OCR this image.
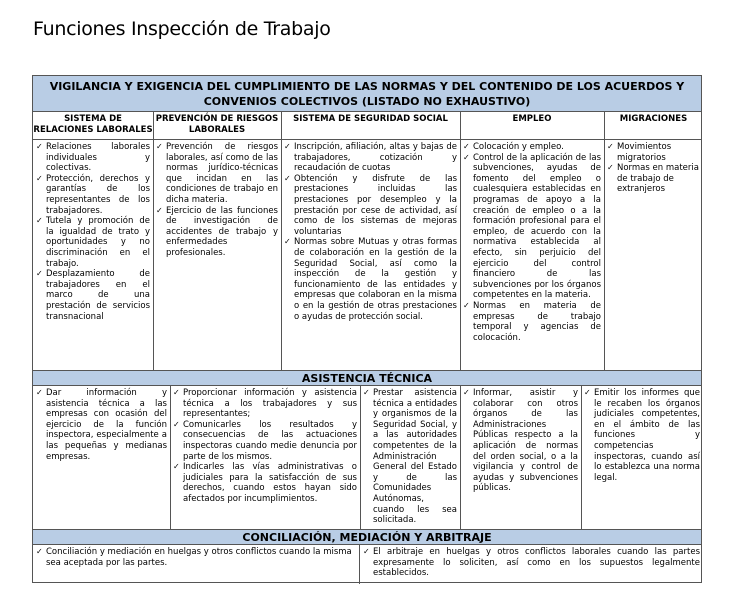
Funciones Inspección de Trabajo
VIGILANCIA Y EXIGENCIA DEL CUMPLIMIENTO DE LAS NORMAS Y DEL CONTENIDO DE LOS ACUERDOS Y CONVENIOS COLECTIVOS (LISTADO NO EXHAUSTIVO)
SISTEMA DE RELACIONES LABORALES
PREVENCIÓN DE RIESGOS LABORALES
SISTEMA DE SEGURIDAD SOCIAL	EMPLEO	MIGRACIONES
✓ Relaciones laborales individuales y colectivas.
✓ Protección, derechos y garantías de los representantes de los trabajadores.
✓ Tutela y promoción de la igualdad de trato y oportunidades y no discriminación en el trabajo.
✓ Desplazamiento de trabajadores en el marco de una prestación de servicios transnacional
✓ Prevención de riesgos laborales, así como de las normas jurídico-técnicas que incidan en las condiciones de trabajo en dicha materia.
✓ Ejercicio de las funciones de investigación de accidentes de trabajo y enfermedades profesionales.
✓ Inscripción, afiliación, altas y bajas de trabajadores, cotización y recaudación de cuotas
✓ Obtención y disfrute de las prestaciones incluidas las prestaciones por desempleo y la prestación por cese de actividad, así como de los sistemas de mejoras voluntarias
✓ Normas sobre Mutuas y otras formas de colaboración en la gestión de la Seguridad Social, así como la inspección de la gestión y funcionamiento de las entidades y empresas que colaboran en la misma o en la gestión de otras prestaciones o ayudas de protección social.
✓ Colocación y empleo.
✓ Control de la aplicación de las subvenciones, ayudas de fomento del empleo o cualesquiera establecidas en programas de apoyo a la creación de empleo o a la formación profesional para el empleo, de acuerdo con la normativa establecida al efecto, sin perjuicio del ejercicio del control financiero de las subvenciones por los órganos competentes en la materia.
✓ Normas en materia de empresas de trabajo temporal y agencias de colocación.
✓ Movimientos migratorios
✓ Normas en materia de trabajo de extranjeros
ASISTENCIA TÉCNICA
✓ Dar información y asistencia técnica a las empresas con ocasión del ejercicio de la función inspectora, especialmente a las pequeñas y medianas empresas.
✓ Proporcionar información y asistencia técnica a los trabajadores y sus representantes;
✓ Comunicarles los resultados y consecuencias de las actuaciones inspectoras cuando medie denuncia por parte de los mismos.
✓ Indicarles las vías administrativas o judiciales para la satisfacción de sus derechos, cuando estos hayan sido afectados por incumplimientos.
✓ Prestar asistencia técnica a entidades y organismos de la Seguridad Social, y a las autoridades competentes de la Administración General del Estado y de las Comunidades Autónomas, cuando les sea solicitada.
✓ Informar, asistir y colaborar con otros órganos de las Administraciones Públicas respecto a la aplicación de normas del orden social, o a la vigilancia y control de ayudas y subvenciones públicas.
✓ Emitir los informes que le recaben los órganos judiciales competentes, en el ámbito de las funciones y competencias inspectoras, cuando así lo establezca una norma legal.
CONCILIACIÓN, MEDIACIÓN Y ARBITRAJE
✓ Conciliación y mediación en huelgas y otros conflictos cuando la misma sea aceptada por las partes.
✓ El arbitraje en huelgas y otros conflictos laborales cuando las partes expresamente lo soliciten, así como en los supuestos legalmente establecidos.
